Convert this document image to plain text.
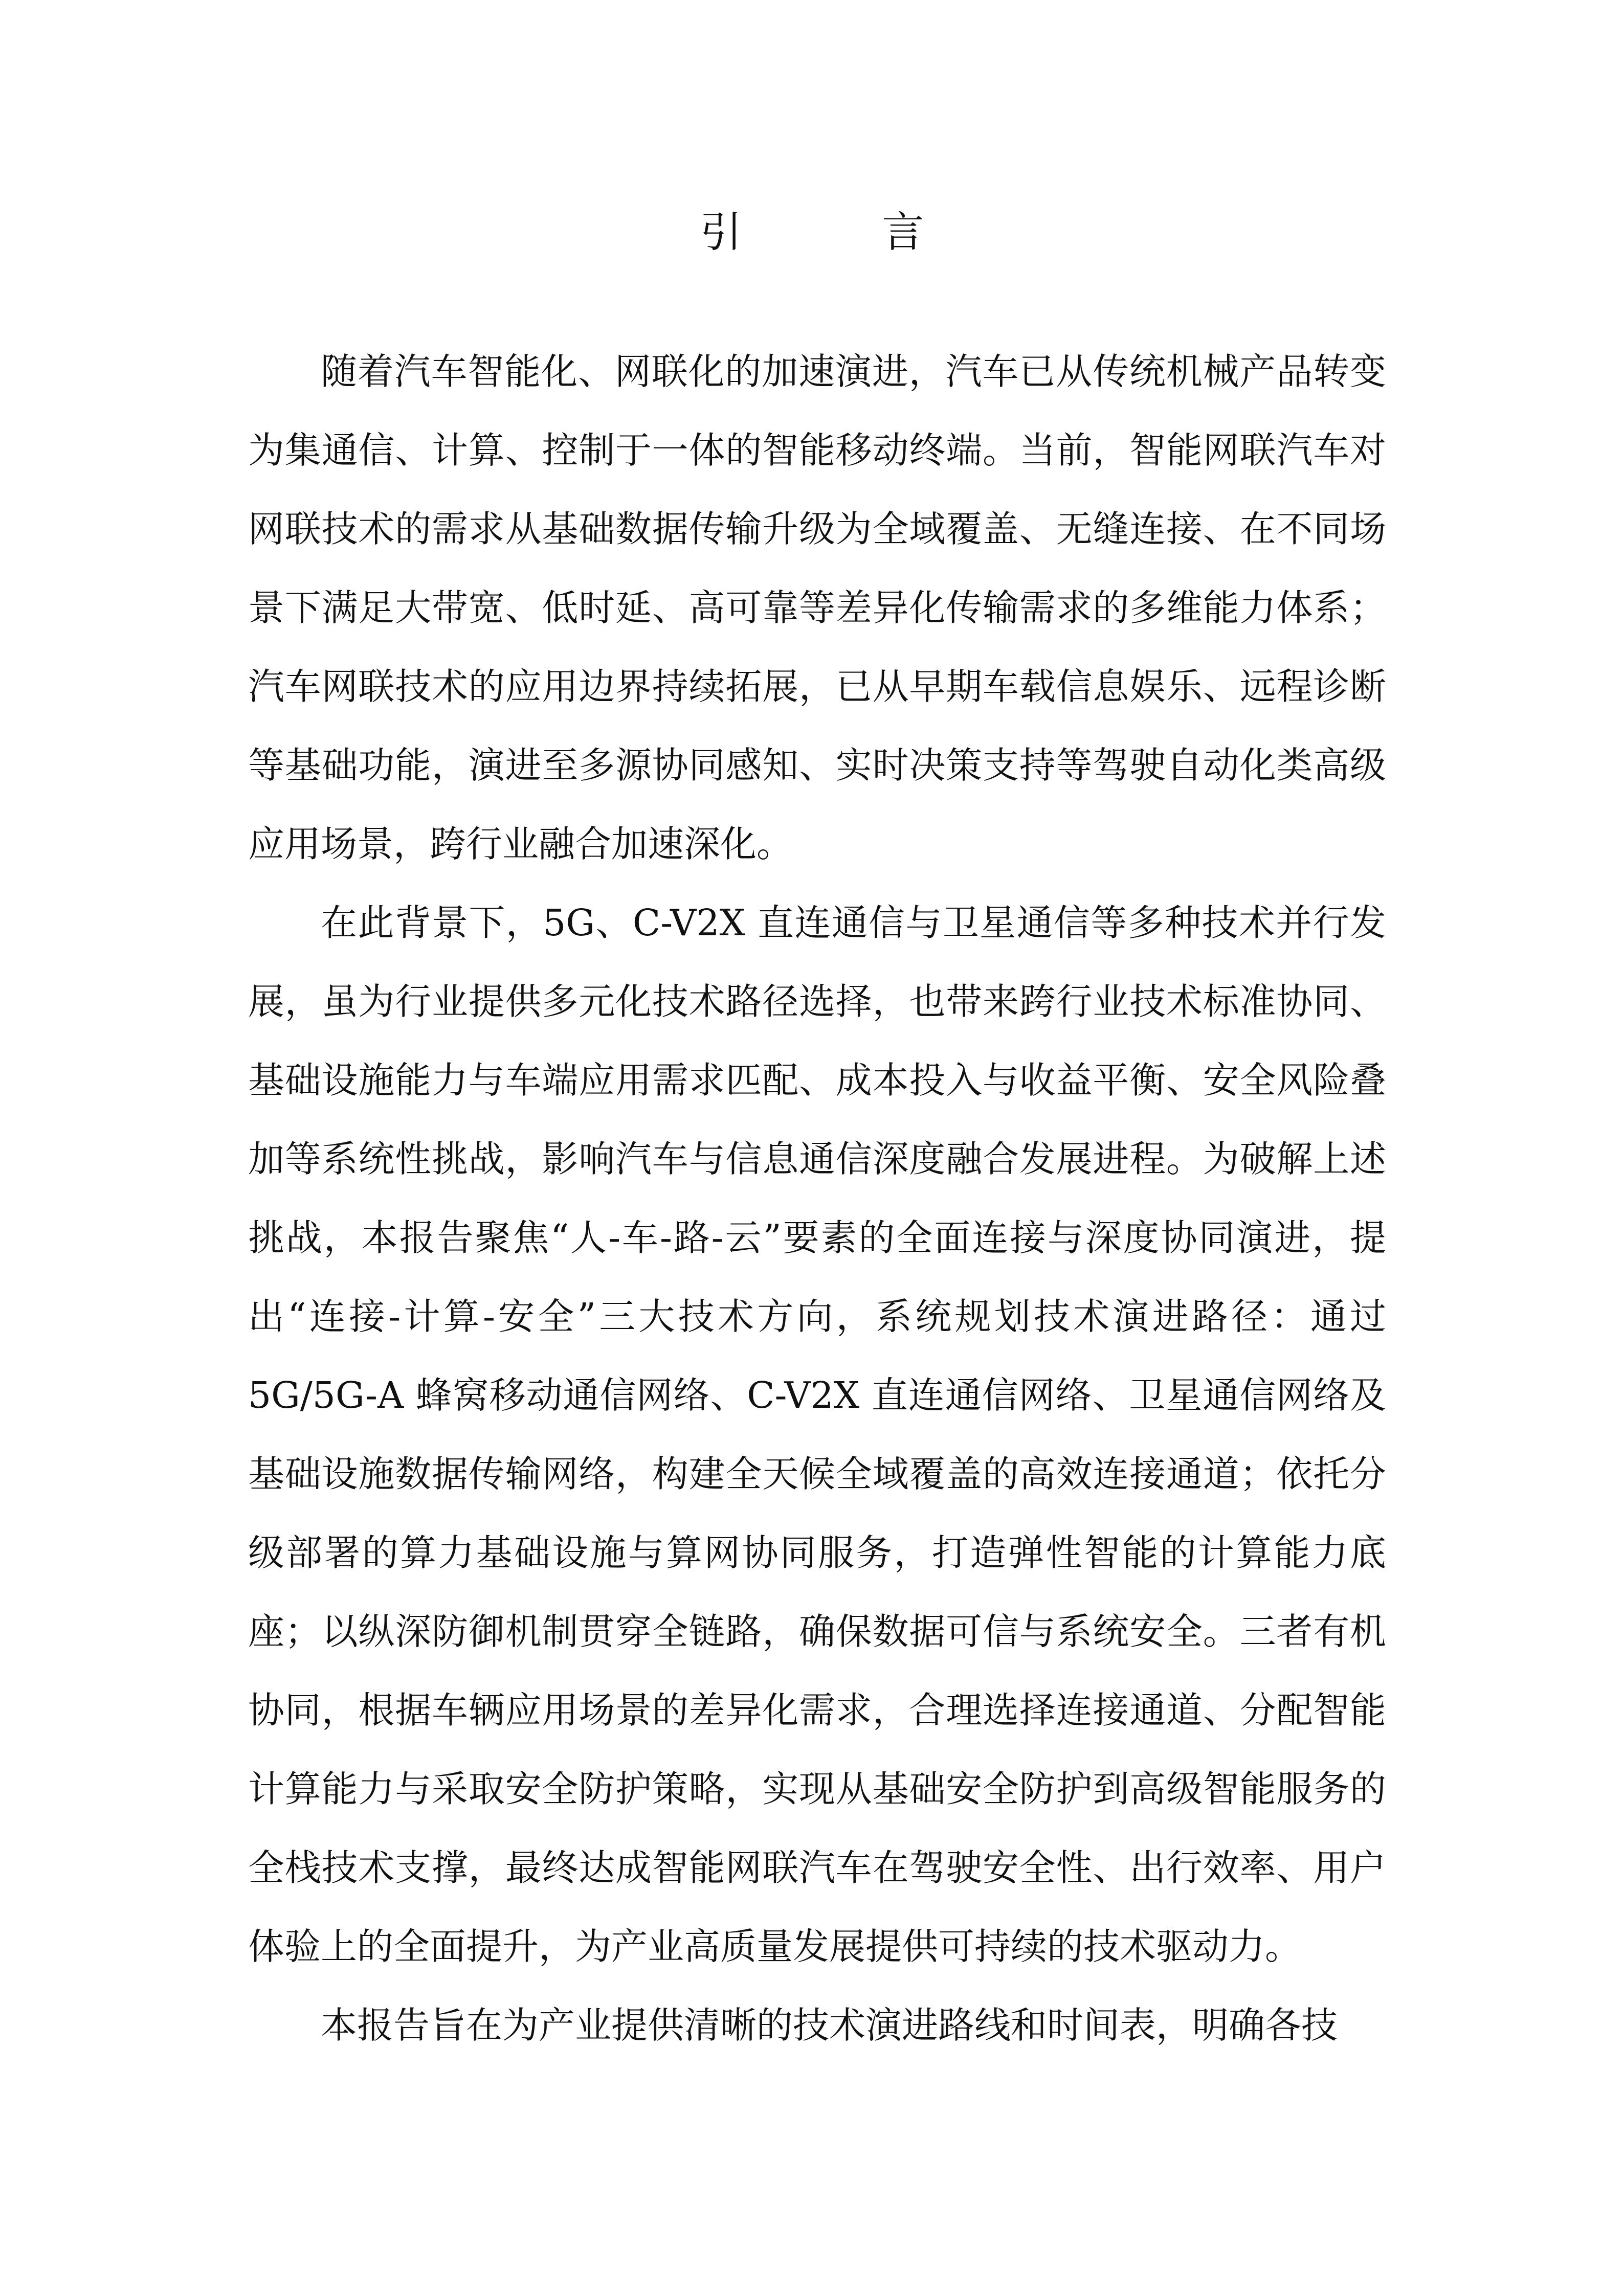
引　言

随着汽车智能化、网联化的加速演进，汽车已从传统机械产品转变为集通信、计算、控制于一体的智能移动终端。当前，智能网联汽车对网联技术的需求从基础数据传输升级为全域覆盖、无缝连接、在不同场景下满足大带宽、低时延、高可靠等差异化传输需求的多维能力体系；汽车网联技术的应用边界持续拓展，已从早期车载信息娱乐、远程诊断等基础功能，演进至多源协同感知、实时决策支持等驾驶自动化类高级应用场景，跨行业融合加速深化。

在此背景下，5G、C-V2X 直连通信与卫星通信等多种技术并行发展，虽为行业提供多元化技术路径选择，也带来跨行业技术标准协同、基础设施能力与车端应用需求匹配、成本投入与收益平衡、安全风险叠加等系统性挑战，影响汽车与信息通信深度融合发展进程。为破解上述挑战，本报告聚焦“人-车-路-云”要素的全面连接与深度协同演进，提出“连接-计算-安全”三大技术方向，系统规划技术演进路径：通过 5G/5G-A 蜂窝移动通信网络、C-V2X 直连通信网络、卫星通信网络及基础设施数据传输网络，构建全天候全域覆盖的高效连接通道；依托分级部署的算力基础设施与算网协同服务，打造弹性智能的计算能力底座；以纵深防御机制贯穿全链路，确保数据可信与系统安全。三者有机协同，根据车辆应用场景的差异化需求，合理选择连接通道、分配智能计算能力与采取安全防护策略，实现从基础安全防护到高级智能服务的全栈技术支撑，最终达成智能网联汽车在驾驶安全性、出行效率、用户体验上的全面提升，为产业高质量发展提供可持续的技术驱动力。

本报告旨在为产业提供清晰的技术演进路线和时间表，明确各技
